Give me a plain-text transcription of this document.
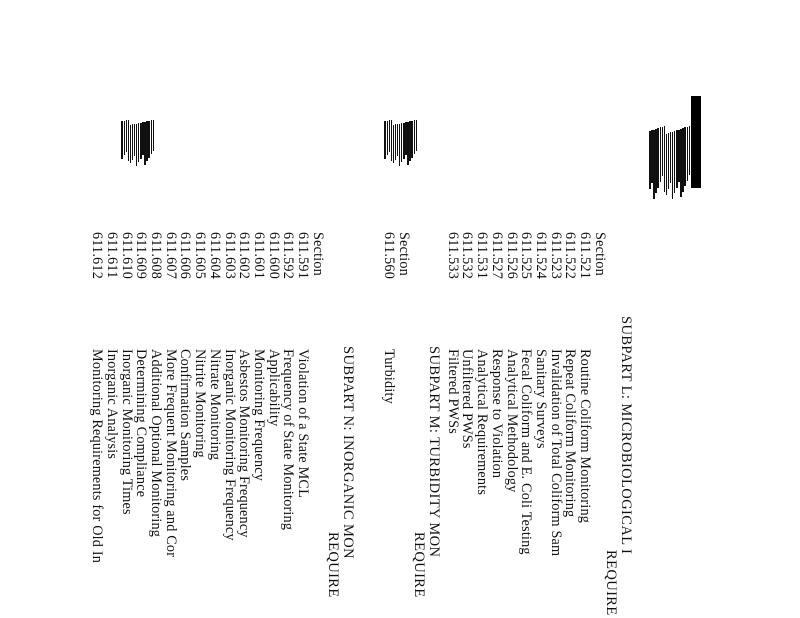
SUBPART L: MICROBIOLOGICAL I
REQUIRE
Section
611.521
611.522
611.523
611.524
611.525
611.526
611.527
611.531
611.532
611.533
Routine Coliform Monitoring
Repeat Coliform Monitoring
Invalidation of Total Coliform Sam
Sanitary Surveys
Fecal Coliform and E. Coli Testing
Analytical Methodology
Response to Violation
Analytical Requirements
Unfiltered PWSs
Filtered PWSs
SUBPART M: TURBIDITY MON
REQUIRE
Section
611.560
Turbidity
SUBPART N: INORGANIC MON
REQUIRE
Section
611.591
611.592
611.600
611.601
611.602
611.603
611.604
611.605
611.606
611.607
611.608
611.609
611.610
611.611
611.612
Violation of a State MCL
Frequency of State Monitoring
Applicability
Monitoring Frequency
Asbestos Monitoring Frequency
Inorganic Monitoring Frequency
Nitrate Monitoring
Nitrite Monitoring
Confirmation Samples
More Frequent Monitoring and Cor
Additional Optional Monitoring
Determining Compliance
Inorganic Monitoring Times
Inorganic Analysis
Monitoring Requirements for Old In
